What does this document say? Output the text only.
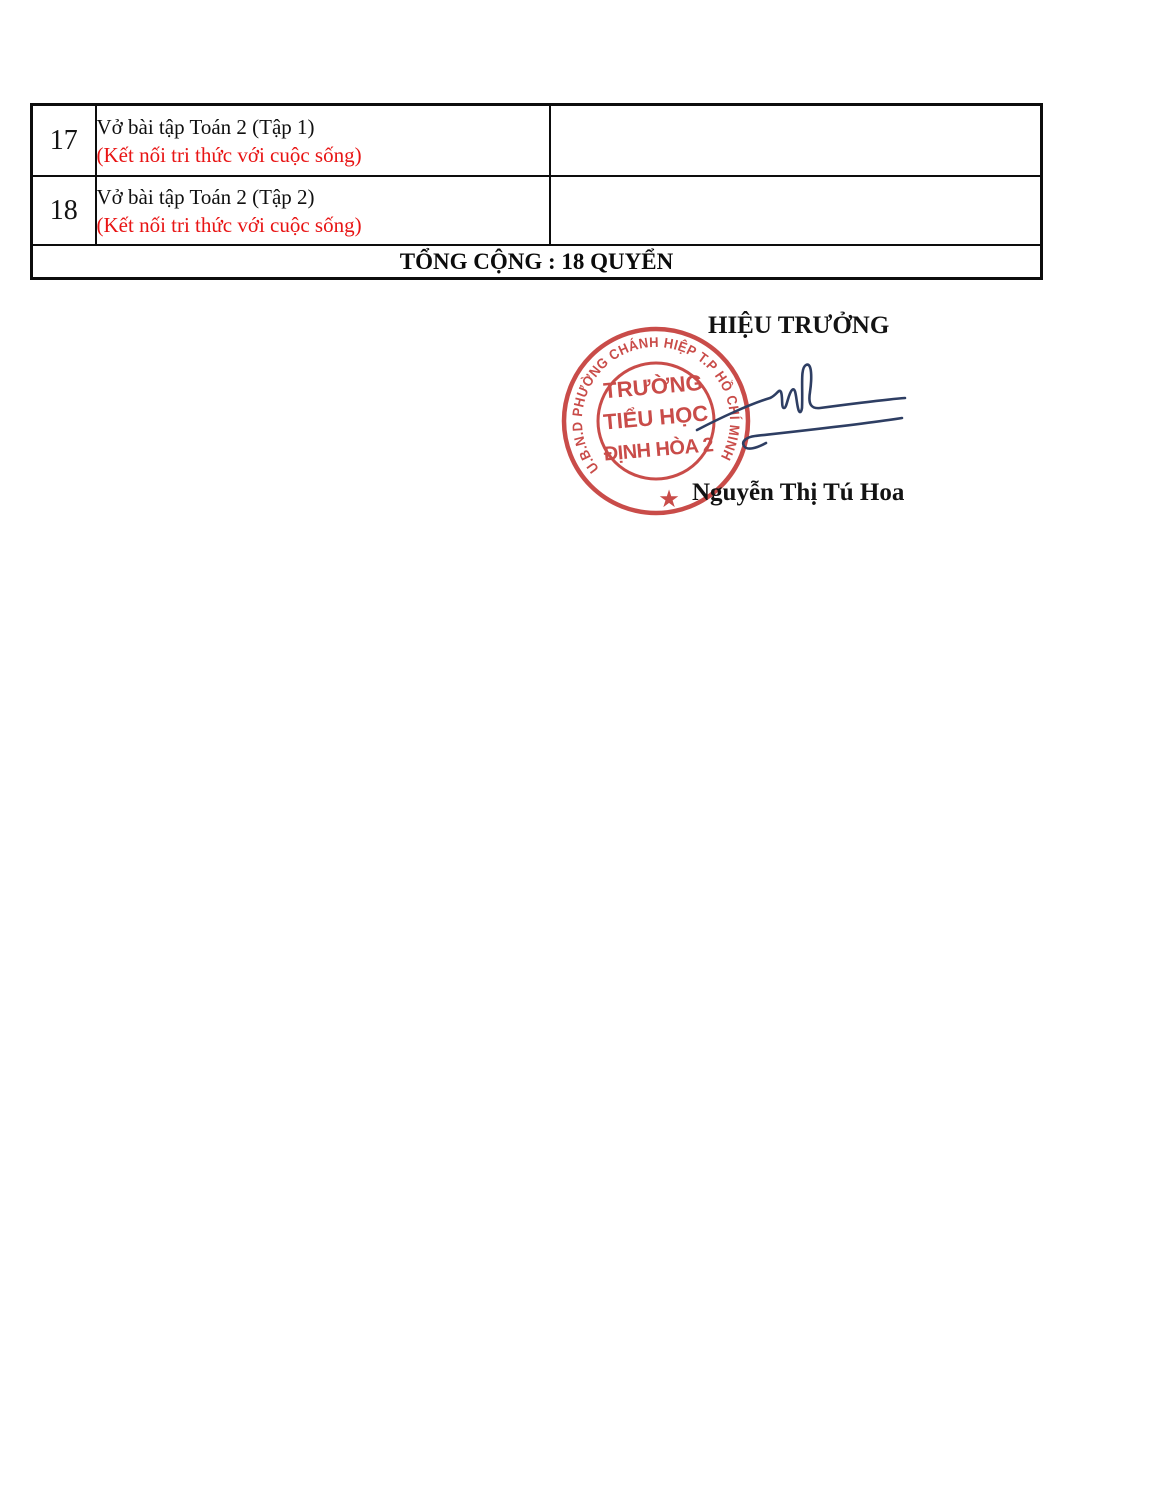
17	Vở bài tập Toán 2 (Tập 1)
(Kết nối tri thức với cuộc sống)	

18	Vở bài tập Toán 2 (Tập 2)
(Kết nối tri thức với cuộc sống)	

TỔNG CỘNG : 18 QUYỂN		
HIỆU TRƯỞNG
U.B.N.D PHƯỜNG CHÁNH HIỆP T.P HỒ CHÍ MINH
TRƯỜNG
TIỂU HỌC
ĐỊNH HÒA 2
★ Nguyễn Thị Tú Hoa
